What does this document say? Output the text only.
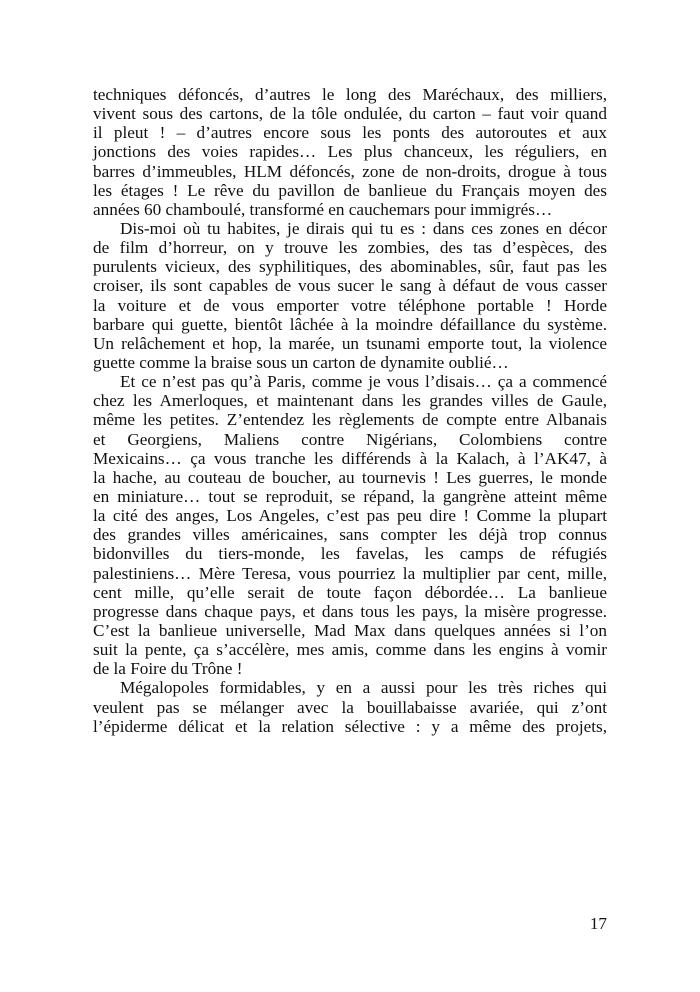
techniques défoncés, d’autres le long des Maréchaux, des milliers,
vivent sous des cartons, de la tôle ondulée, du carton – faut voir quand
il pleut ! – d’autres encore sous les ponts des autoroutes et aux
jonctions des voies rapides… Les plus chanceux, les réguliers, en
barres d’immeubles, HLM défoncés, zone de non-droits, drogue à tous
les étages ! Le rêve du pavillon de banlieue du Français moyen des
années 60 chamboulé, transformé en cauchemars pour immigrés…
Dis-moi où tu habites, je dirais qui tu es : dans ces zones en décor
de film d’horreur, on y trouve les zombies, des tas d’espèces, des
purulents vicieux, des syphilitiques, des abominables, sûr, faut pas les
croiser, ils sont capables de vous sucer le sang à défaut de vous casser
la voiture et de vous emporter votre téléphone portable ! Horde
barbare qui guette, bientôt lâchée à la moindre défaillance du système.
Un relâchement et hop, la marée, un tsunami emporte tout, la violence
guette comme la braise sous un carton de dynamite oublié…
Et ce n’est pas qu’à Paris, comme je vous l’disais… ça a commencé
chez les Amerloques, et maintenant dans les grandes villes de Gaule,
même les petites. Z’entendez les règlements de compte entre Albanais
et Georgiens, Maliens contre Nigérians, Colombiens contre
Mexicains… ça vous tranche les différends à la Kalach, à l’AK47, à
la hache, au couteau de boucher, au tournevis ! Les guerres, le monde
en miniature… tout se reproduit, se répand, la gangrène atteint même
la cité des anges, Los Angeles, c’est pas peu dire ! Comme la plupart
des grandes villes américaines, sans compter les déjà trop connus
bidonvilles du tiers-monde, les favelas, les camps de réfugiés
palestiniens… Mère Teresa, vous pourriez la multiplier par cent, mille,
cent mille, qu’elle serait de toute façon débordée… La banlieue
progresse dans chaque pays, et dans tous les pays, la misère progresse.
C’est la banlieue universelle, Mad Max dans quelques années si l’on
suit la pente, ça s’accélère, mes amis, comme dans les engins à vomir
de la Foire du Trône !
Mégalopoles formidables, y en a aussi pour les très riches qui
veulent pas se mélanger avec la bouillabaisse avariée, qui z’ont
l’épiderme délicat et la relation sélective : y a même des projets,
17
